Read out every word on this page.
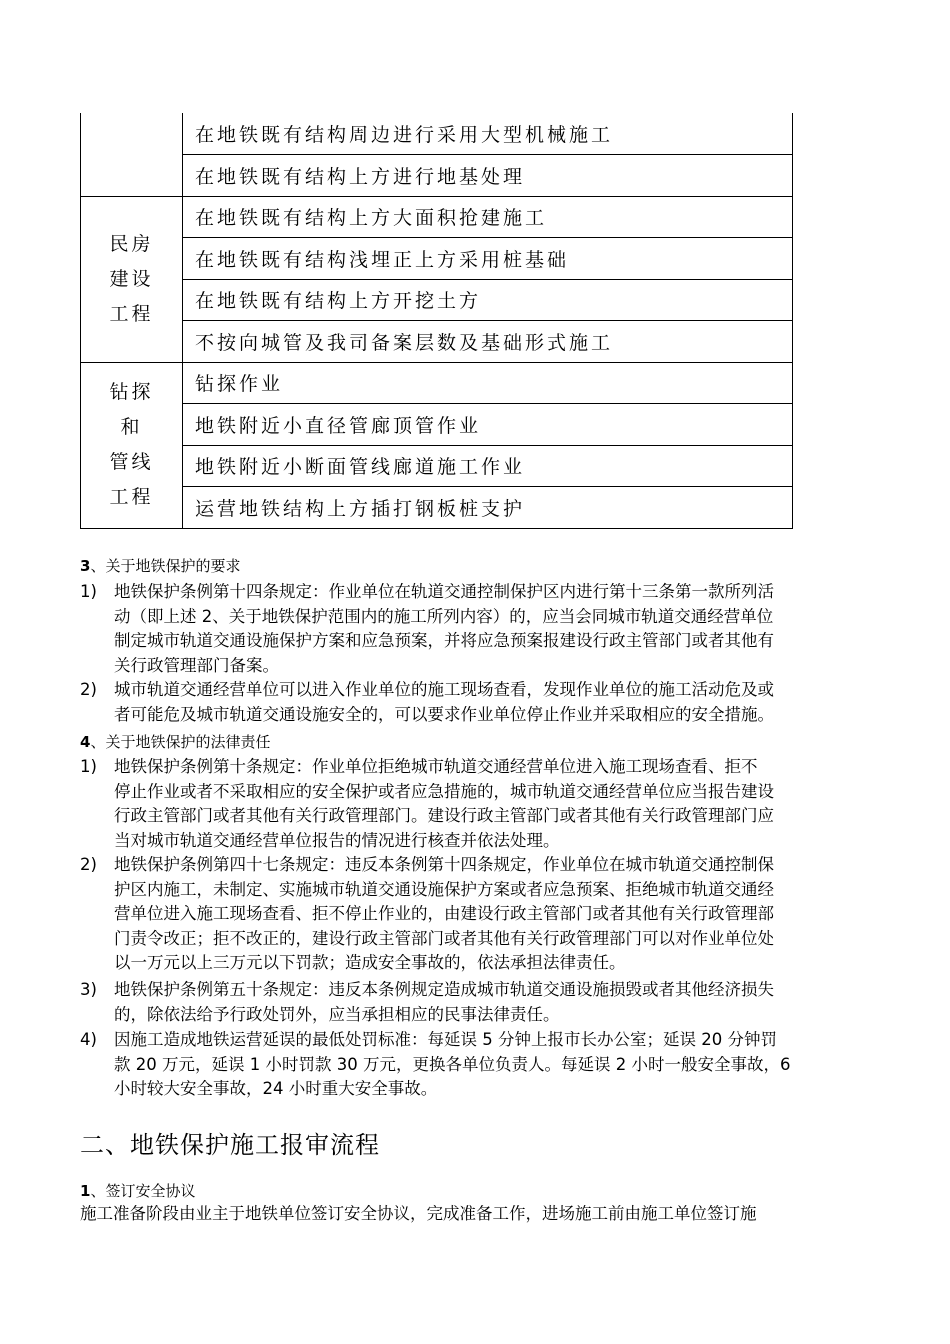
	在地铁既有结构周边进行采用大型机械施工
	在地铁既有结构上方进行地基处理

民房
建设
工程	在地铁既有结构上方大面积抢建施工
	在地铁既有结构浅埋正上方采用桩基础
	在地铁既有结构上方开挖土方
	不按向城管及我司备案层数及基础形式施工

钻探
和
管线
工程	钻探作业
	地铁附近小直径管廊顶管作业
	地铁附近小断面管线廊道施工作业
	运营地铁结构上方插打钢板桩支护
3、关于地铁保护的要求
1)	地铁保护条例第十四条规定：作业单位在轨道交通控制保护区内进行第十三条第一款所列活
动（即上述 2、关于地铁保护范围内的施工所列内容）的，应当会同城市轨道交通经营单位
制定城市轨道交通设施保护方案和应急预案，并将应急预案报建设行政主管部门或者其他有
关行政管理部门备案。
2)	城市轨道交通经营单位可以进入作业单位的施工现场查看，发现作业单位的施工活动危及或
者可能危及城市轨道交通设施安全的，可以要求作业单位停止作业并采取相应的安全措施。
4、关于地铁保护的法律责任
1)	地铁保护条例第十条规定：作业单位拒绝城市轨道交通经营单位进入施工现场查看、拒不
停止作业或者不采取相应的安全保护或者应急措施的，城市轨道交通经营单位应当报告建设
行政主管部门或者其他有关行政管理部门。建设行政主管部门或者其他有关行政管理部门应
当对城市轨道交通经营单位报告的情况进行核查并依法处理。
2)	地铁保护条例第四十七条规定：违反本条例第十四条规定，作业单位在城市轨道交通控制保
护区内施工，未制定、实施城市轨道交通设施保护方案或者应急预案、拒绝城市轨道交通经
营单位进入施工现场查看、拒不停止作业的，由建设行政主管部门或者其他有关行政管理部
门责令改正；拒不改正的，建设行政主管部门或者其他有关行政管理部门可以对作业单位处
以一万元以上三万元以下罚款；造成安全事故的，依法承担法律责任。
3)	地铁保护条例第五十条规定：违反本条例规定造成城市轨道交通设施损毁或者其他经济损失
的，除依法给予行政处罚外，应当承担相应的民事法律责任。
4)	因施工造成地铁运营延误的最低处罚标准：每延误 5 分钟上报市长办公室；延误 20 分钟罚
款 20 万元，延误 1 小时罚款 30 万元，更换各单位负责人。每延误 2 小时一般安全事故，6
小时较大安全事故，24 小时重大安全事故。
二、地铁保护施工报审流程
1、签订安全协议
施工准备阶段由业主于地铁单位签订安全协议，完成准备工作，进场施工前由施工单位签订施
